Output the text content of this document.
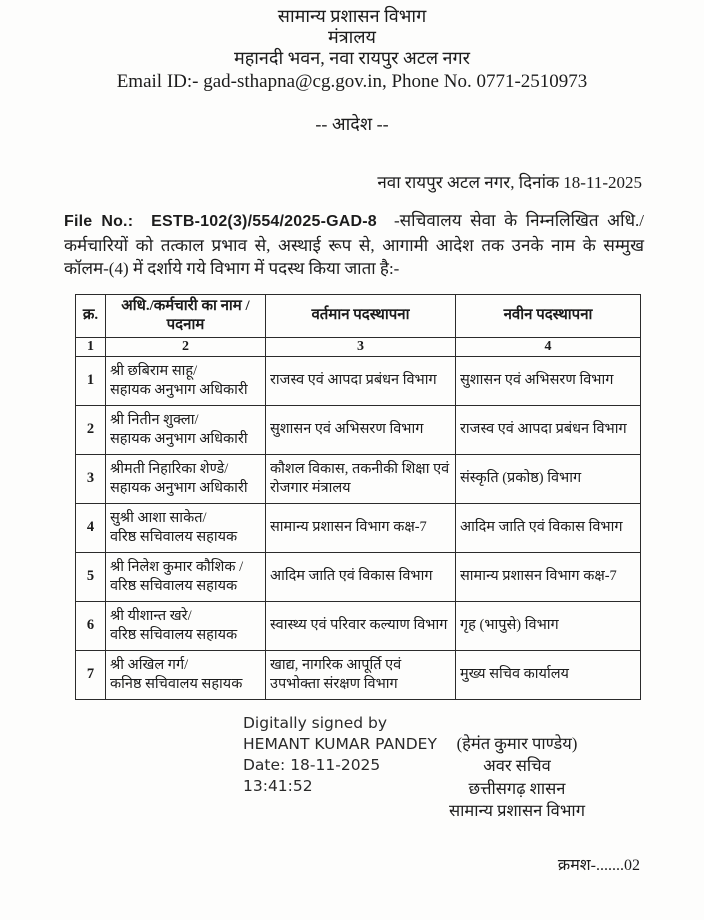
सामान्य प्रशासन विभाग
मंत्रालय
महानदी भवन, नवा रायपुर अटल नगर
Email ID:- gad-sthapna@cg.gov.in, Phone No. 0771-2510973
-- आदेश --
नवा रायपुर अटल नगर, दिनांक 18-11-2025

File No.: ESTB-102(3)/554/2025-GAD-8 -सचिवालय सेवा के निम्नलिखित अधि./कर्मचारियों को तत्काल प्रभाव से, अस्थाई रूप से, आगामी आदेश तक उनके नाम के सम्मुख कॉलम-(4) में दर्शाये गये विभाग में पदस्थ किया जाता है:-

क्र.	अधि./कर्मचारी का नाम / पदनाम	वर्तमान पदस्थापना	नवीन पदस्थापना
1	2	3	4
1	श्री छबिराम साहू/
सहायक अनुभाग अधिकारी	राजस्व एवं आपदा प्रबंधन विभाग	सुशासन एवं अभिसरण विभाग
2	श्री नितीन शुक्ला/
सहायक अनुभाग अधिकारी	सुशासन एवं अभिसरण विभाग	राजस्व एवं आपदा प्रबंधन विभाग
3	श्रीमती निहारिका शेण्डे/
सहायक अनुभाग अधिकारी	कौशल विकास, तकनीकी शिक्षा एवं रोजगार मंत्रालय	संस्कृति (प्रकोष्ठ) विभाग
4	सुश्री आशा साकेत/
वरिष्ठ सचिवालय सहायक	सामान्य प्रशासन विभाग कक्ष-7	आदिम जाति एवं विकास विभाग
5	श्री निलेश कुमार कौशिक /
वरिष्ठ सचिवालय सहायक	आदिम जाति एवं विकास विभाग	सामान्य प्रशासन विभाग कक्ष-7
6	श्री यीशान्त खरे/
वरिष्ठ सचिवालय सहायक	स्वास्थ्य एवं परिवार कल्याण विभाग	गृह (भापुसे) विभाग
7	श्री अखिल गर्ग/
कनिष्ठ सचिवालय सहायक	खाद्य, नागरिक आपूर्ति एवं उपभोक्ता संरक्षण विभाग	मुख्य सचिव कार्यालय
Digitally signed by
HEMANT KUMAR PANDEY
Date: 18-11-2025
13:41:52
(हेमंत कुमार पाण्डेय)
अवर सचिव
छत्तीसगढ़ शासन
सामान्य प्रशासन विभाग
क्रमश-.......02
